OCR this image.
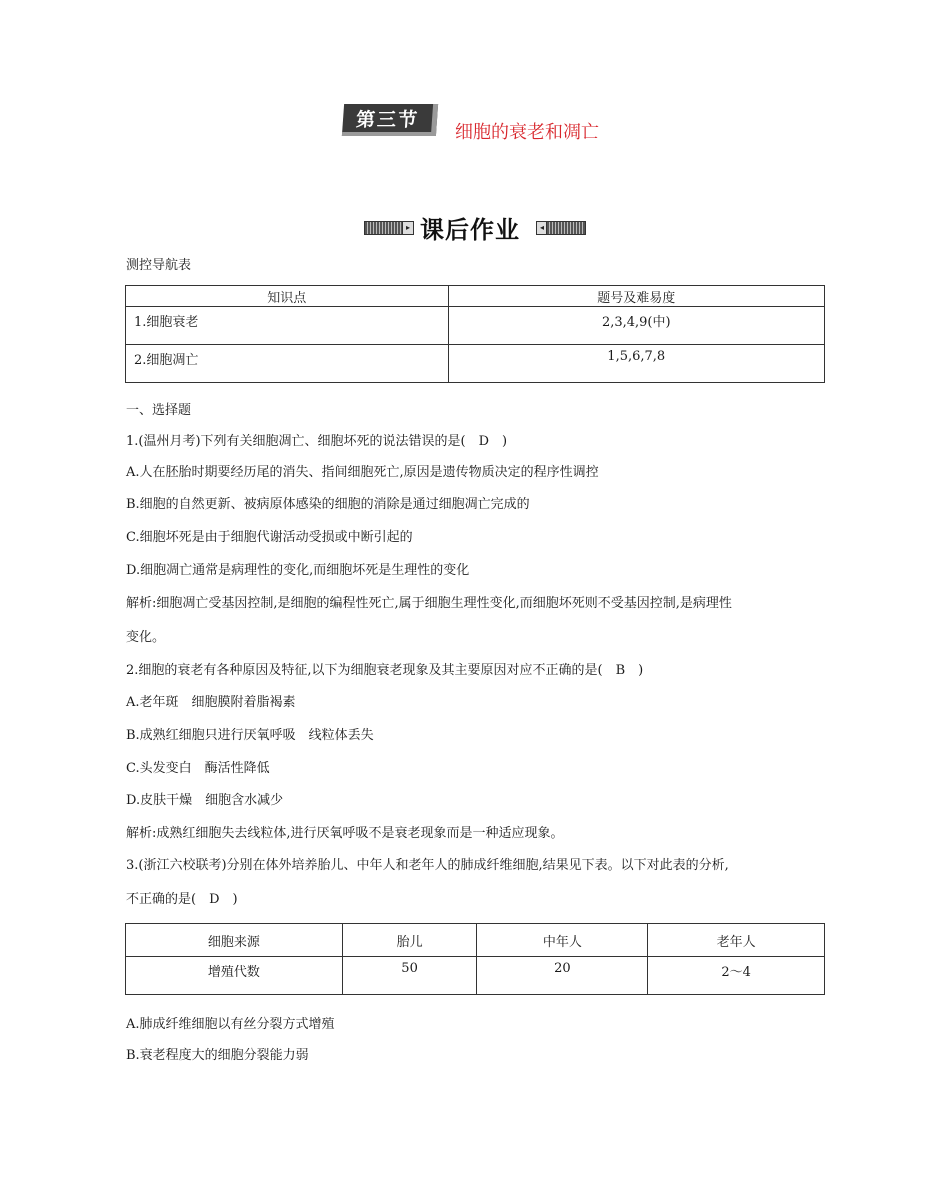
第三节
细胞的衰老和凋亡
▸ 课后作业	◂
测控导航表
知识点	题号及难易度
1.细胞衰老	2,3,4,9(中)
2.细胞凋亡	1,5,6,7,8
一、选择题
1.(温州月考)下列有关细胞凋亡、细胞坏死的说法错误的是(　D　)
A.人在胚胎时期要经历尾的消失、指间细胞死亡,原因是遗传物质决定的程序性调控
B.细胞的自然更新、被病原体感染的细胞的消除是通过细胞凋亡完成的
C.细胞坏死是由于细胞代谢活动受损或中断引起的
D.细胞凋亡通常是病理性的变化,而细胞坏死是生理性的变化
解析:细胞凋亡受基因控制,是细胞的编程性死亡,属于细胞生理性变化,而细胞坏死则不受基因控制,是病理性
变化。
2.细胞的衰老有各种原因及特征,以下为细胞衰老现象及其主要原因对应不正确的是(　B　)
A.老年斑　细胞膜附着脂褐素
B.成熟红细胞只进行厌氧呼吸　线粒体丢失
C.头发变白　酶活性降低
D.皮肤干燥　细胞含水减少
解析:成熟红细胞失去线粒体,进行厌氧呼吸不是衰老现象而是一种适应现象。
3.(浙江六校联考)分别在体外培养胎儿、中年人和老年人的肺成纤维细胞,结果见下表。以下对此表的分析,
不正确的是(　D　)
细胞来源	胎儿	中年人	老年人
增殖代数	50	20	2～4
A.肺成纤维细胞以有丝分裂方式增殖
B.衰老程度大的细胞分裂能力弱
